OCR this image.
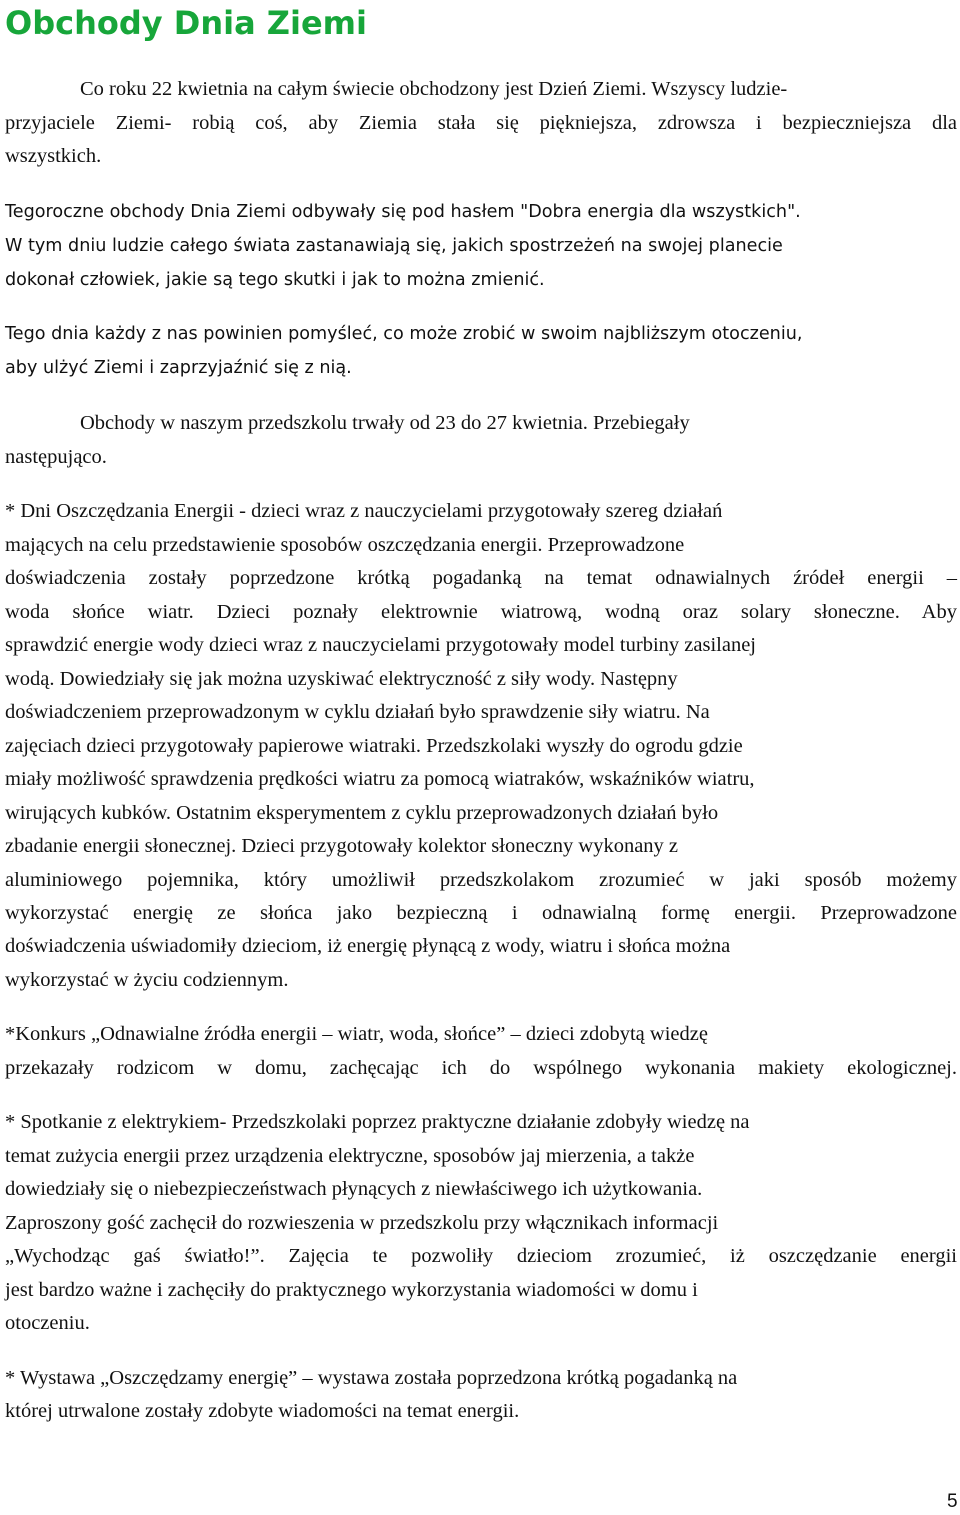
Obchody Dnia Ziemi

Co roku 22 kwietnia na całym świecie obchodzony jest Dzień Ziemi. Wszyscy ludzie-

przyjaciele Ziemi- robią coś, aby Ziemia stała się piękniejsza, zdrowsza i bezpieczniejsza dla

wszystkich.

Tegoroczne obchody Dnia Ziemi odbywały się pod hasłem "Dobra energia dla wszystkich".

W tym dniu ludzie całego świata zastanawiają się, jakich spostrzeżeń na swojej planecie

dokonał człowiek, jakie są tego skutki i jak to można zmienić.

Tego dnia każdy z nas powinien pomyśleć, co może zrobić w swoim najbliższym otoczeniu,

aby ulżyć Ziemi i zaprzyjaźnić się z nią.

Obchody w naszym przedszkolu trwały od 23 do 27 kwietnia. Przebiegały

następująco.

* Dni Oszczędzania Energii - dzieci wraz z nauczycielami przygotowały szereg działań

mających na celu przedstawienie sposobów oszczędzania energii. Przeprowadzone

doświadczenia zostały poprzedzone krótką pogadanką na temat odnawialnych źródeł energii –

woda słońce wiatr. Dzieci poznały elektrownie wiatrową, wodną oraz solary słoneczne. Aby

sprawdzić energie wody dzieci wraz z nauczycielami przygotowały model turbiny zasilanej

wodą. Dowiedziały się jak można uzyskiwać elektryczność z siły wody. Następny

doświadczeniem przeprowadzonym w cyklu działań było sprawdzenie siły wiatru. Na

zajęciach dzieci przygotowały papierowe wiatraki. Przedszkolaki wyszły do ogrodu gdzie

miały możliwość sprawdzenia prędkości wiatru za pomocą wiatraków, wskaźników wiatru,

wirujących kubków. Ostatnim eksperymentem z cyklu przeprowadzonych działań było

zbadanie energii słonecznej. Dzieci przygotowały kolektor słoneczny wykonany z

aluminiowego pojemnika, który umożliwił przedszkolakom zrozumieć w jaki sposób możemy

wykorzystać energię ze słońca jako bezpieczną i odnawialną formę energii. Przeprowadzone

doświadczenia uświadomiły dzieciom, iż energię płynącą z wody, wiatru i słońca można

wykorzystać w życiu codziennym.

*Konkurs „Odnawialne źródła energii – wiatr, woda, słońce” – dzieci zdobytą wiedzę

przekazały rodzicom w domu, zachęcając ich do wspólnego wykonania makiety ekologicznej.

* Spotkanie z elektrykiem- Przedszkolaki poprzez praktyczne działanie zdobyły wiedzę na

temat zużycia energii przez urządzenia elektryczne, sposobów jaj mierzenia, a także

dowiedziały się o niebezpieczeństwach płynących z niewłaściwego ich użytkowania.

Zaproszony gość zachęcił do rozwieszenia w przedszkolu przy włącznikach informacji

„Wychodząc gaś światło!”. Zajęcia te pozwoliły dzieciom zrozumieć, iż oszczędzanie energii

jest bardzo ważne i zachęciły do praktycznego wykorzystania wiadomości w domu i

otoczeniu.

* Wystawa „Oszczędzamy energię” – wystawa została poprzedzona krótką pogadanką na

której utrwalone zostały zdobyte wiadomości na temat energii.

5
